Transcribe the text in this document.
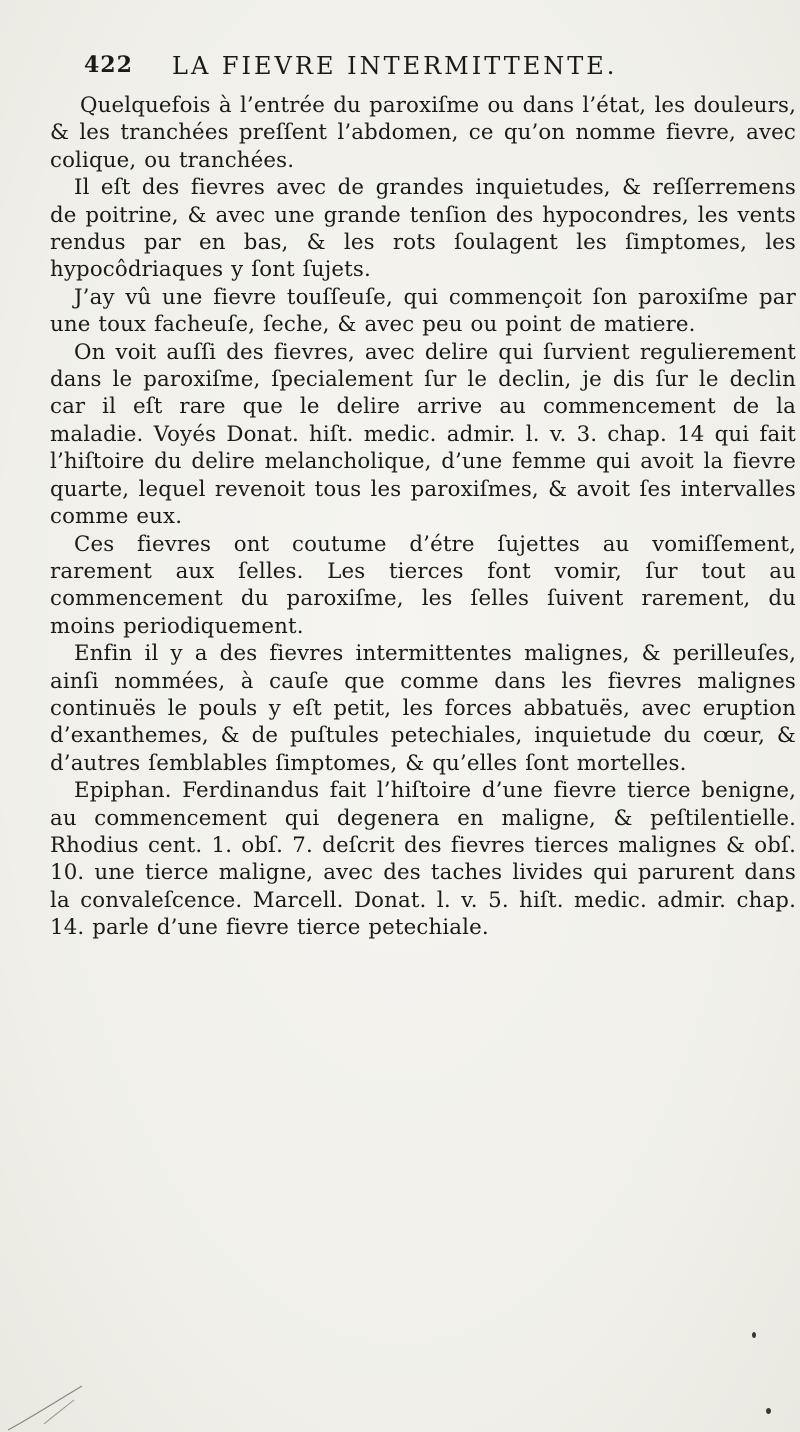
422 LA FIEVRE INTERMITTENTE.

Quelquefois à l’entrée du paroxiſme ou dans l’état, les douleurs, & les tranchées preſſent l’abdomen, ce qu’on nomme fievre, avec colique, ou tranchées.

Il eſt des fievres avec de grandes inquietudes, & reſſerremens de poitrine, & avec une grande tenſion des hypocondres, les vents rendus par en bas, & les rots ſoulagent les ſimptomes, les hypocôdriaques y ſont ſujets.

J’ay vû une fievre touſſeuſe, qui commençoit ſon paroxiſme par une toux facheuſe, ſeche, & avec peu ou point de matiere.

On voit auſſi des fievres, avec delire qui ſurvient regulierement dans le paroxiſme, ſpecialement ſur le declin, je dis ſur le declin car il eſt rare que le delire arrive au commencement de la maladie. Voyés Donat. hiſt. medic. admir. l. v. 3. chap. 14 qui fait l’hiſtoire du delire melancholique, d’une femme qui avoit la fievre quarte, lequel revenoit tous les paroxiſmes, & avoit ſes intervalles comme eux.

Ces fievres ont coutume d’étre ſujettes au vomiſſement, rarement aux ſelles. Les tierces font vomir, ſur tout au commencement du paroxiſme, les ſelles ſuivent rarement, du moins periodiquement.

Enfin il y a des fievres intermittentes malignes, & perilleuſes, ainſi nommées, à cauſe que comme dans les fievres malignes continuës le pouls y eſt petit, les forces abbatuës, avec eruption d’exanthemes, & de puſtules petechiales, inquietude du cœur, & d’autres ſemblables ſimptomes, & qu’elles ſont mortelles.

Epiphan. Ferdinandus fait l’hiſtoire d’une fievre tierce benigne, au commencement qui degenera en maligne, & peſtilentielle. Rhodius cent. 1. obſ. 7. deſcrit des fievres tierces malignes & obſ. 10. une tierce maligne, avec des taches livides qui parurent dans la convaleſcence. Marcell. Donat. l. v. 5. hiſt. medic. admir. chap. 14. parle d’une fievre tierce petechiale.
